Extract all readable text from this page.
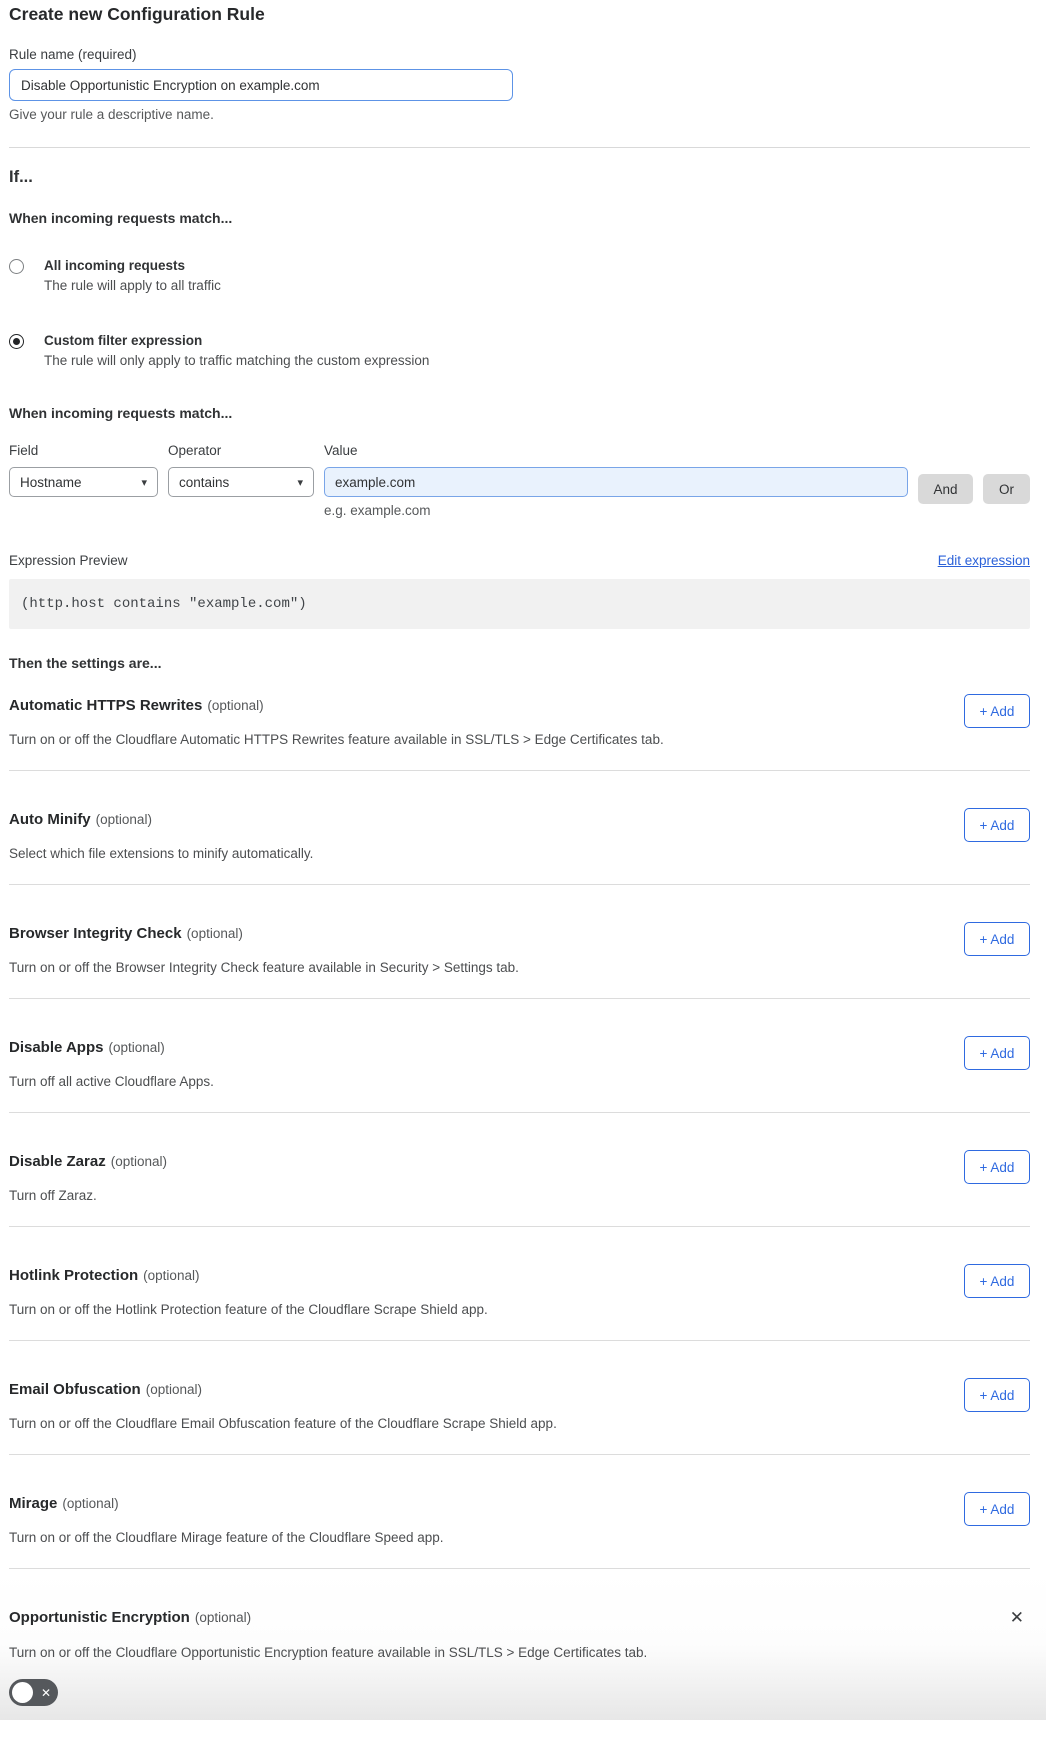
Create new Configuration Rule
Rule name (required)
Disable Opportunistic Encryption on example.com
Give your rule a descriptive name.
If...
When incoming requests match...
All incoming requests
The rule will apply to all traffic
Custom filter expression
The rule will only apply to traffic matching the custom expression
When incoming requests match...
Field
Hostname	▾
Operator
contains	▾
Value
example.com
e.g. example.com
And	Or
Expression Preview	Edit expression
(http.host contains "example.com")
Then the settings are...
Automatic HTTPS Rewrites (optional)	+ Add
Turn on or off the Cloudflare Automatic HTTPS Rewrites feature available in SSL/TLS > Edge Certificates tab.
Auto Minify (optional)	+ Add
Select which file extensions to minify automatically.
Browser Integrity Check (optional)	+ Add
Turn on or off the Browser Integrity Check feature available in Security > Settings tab.
Disable Apps (optional)	+ Add
Turn off all active Cloudflare Apps.
Disable Zaraz (optional)	+ Add
Turn off Zaraz.
Hotlink Protection (optional)	+ Add
Turn on or off the Hotlink Protection feature of the Cloudflare Scrape Shield app.
Email Obfuscation (optional)	+ Add
Turn on or off the Cloudflare Email Obfuscation feature of the Cloudflare Scrape Shield app.
Mirage (optional)	+ Add
Turn on or off the Cloudflare Mirage feature of the Cloudflare Speed app.
Opportunistic Encryption (optional)	✕
Turn on or off the Cloudflare Opportunistic Encryption feature available in SSL/TLS > Edge Certificates tab.
✕
